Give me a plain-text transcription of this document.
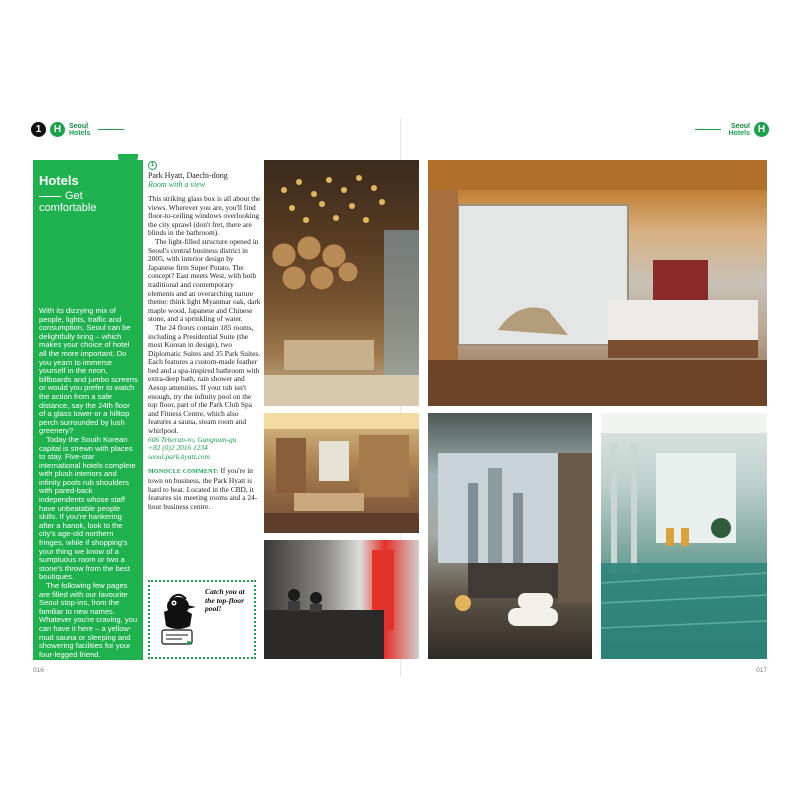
1	H	Seoul
Hotels
Seoul
Hotels H
Hotels
Get comfortable

With its dizzying mix of people, lights, traffic and consumption, Seoul can be delightfully tiring – which makes your choice of hotel all the more important. Do you yearn to immerse yourself in the neon, billboards and jumbo screens or would you prefer to watch the action from a safe distance, say the 24th floor of a glass tower or a hilltop perch surrounded by lush greenery?

Today the South Korean capital is strewn with places to stay. Five-star international hotels complete with plush interiors and infinity pools rub shoulders with pared-back independents whose staff have unbeatable people skills. If you're hankering after a hanok, look to the city's age-old northern fringes, while if shopping's your thing we know of a sumptuous room or two a stone's throw from the best boutiques.

The following few pages are filled with our favourite Seoul stop-ins, from the familiar to new names. Whatever you're craving, you can have it here – a yellow-mud sauna or sleeping and showering facilities for your four-legged friend.

1
Park Hyatt, Daechi-dong
Room with a view

This striking glass box is all about the views. Wherever you are, you'll find floor-to-ceiling windows overlooking the city sprawl (don't fret, there are blinds in the bathroom).

The light-filled structure opened in Seoul's central business district in 2005, with interior design by Japanese firm Super Potato. The concept? East meets West, with both traditional and contemporary elements and an overarching nature theme: think light Myanmar oak, dark maple wood, Japanese and Chinese stone, and a sprinkling of water.

The 24 floors contain 185 rooms, including a Presidential Suite (the most Korean in design), two Diplomatic Suites and 35 Park Suites. Each features a custom-made feather bed and a spa-inspired bathroom with extra-deep bath, rain shower and Aesop amenities. If your tub isn't enough, try the infinity pool on the top floor, part of the Park Club Spa and Fitness Centre, which also features a sauna, steam room and whirlpool.

606 Teheran-ro, Gangnam-gu
+82 (0)2 2016 1234
seoul.park.hyatt.com
MONOCLE COMMENT: If you're in town on business, the Park Hyatt is hard to beat. Located in the CBD, it features six meeting rooms and a 24-hour business centre.
Catch you at the top-floor pool!
016	017
